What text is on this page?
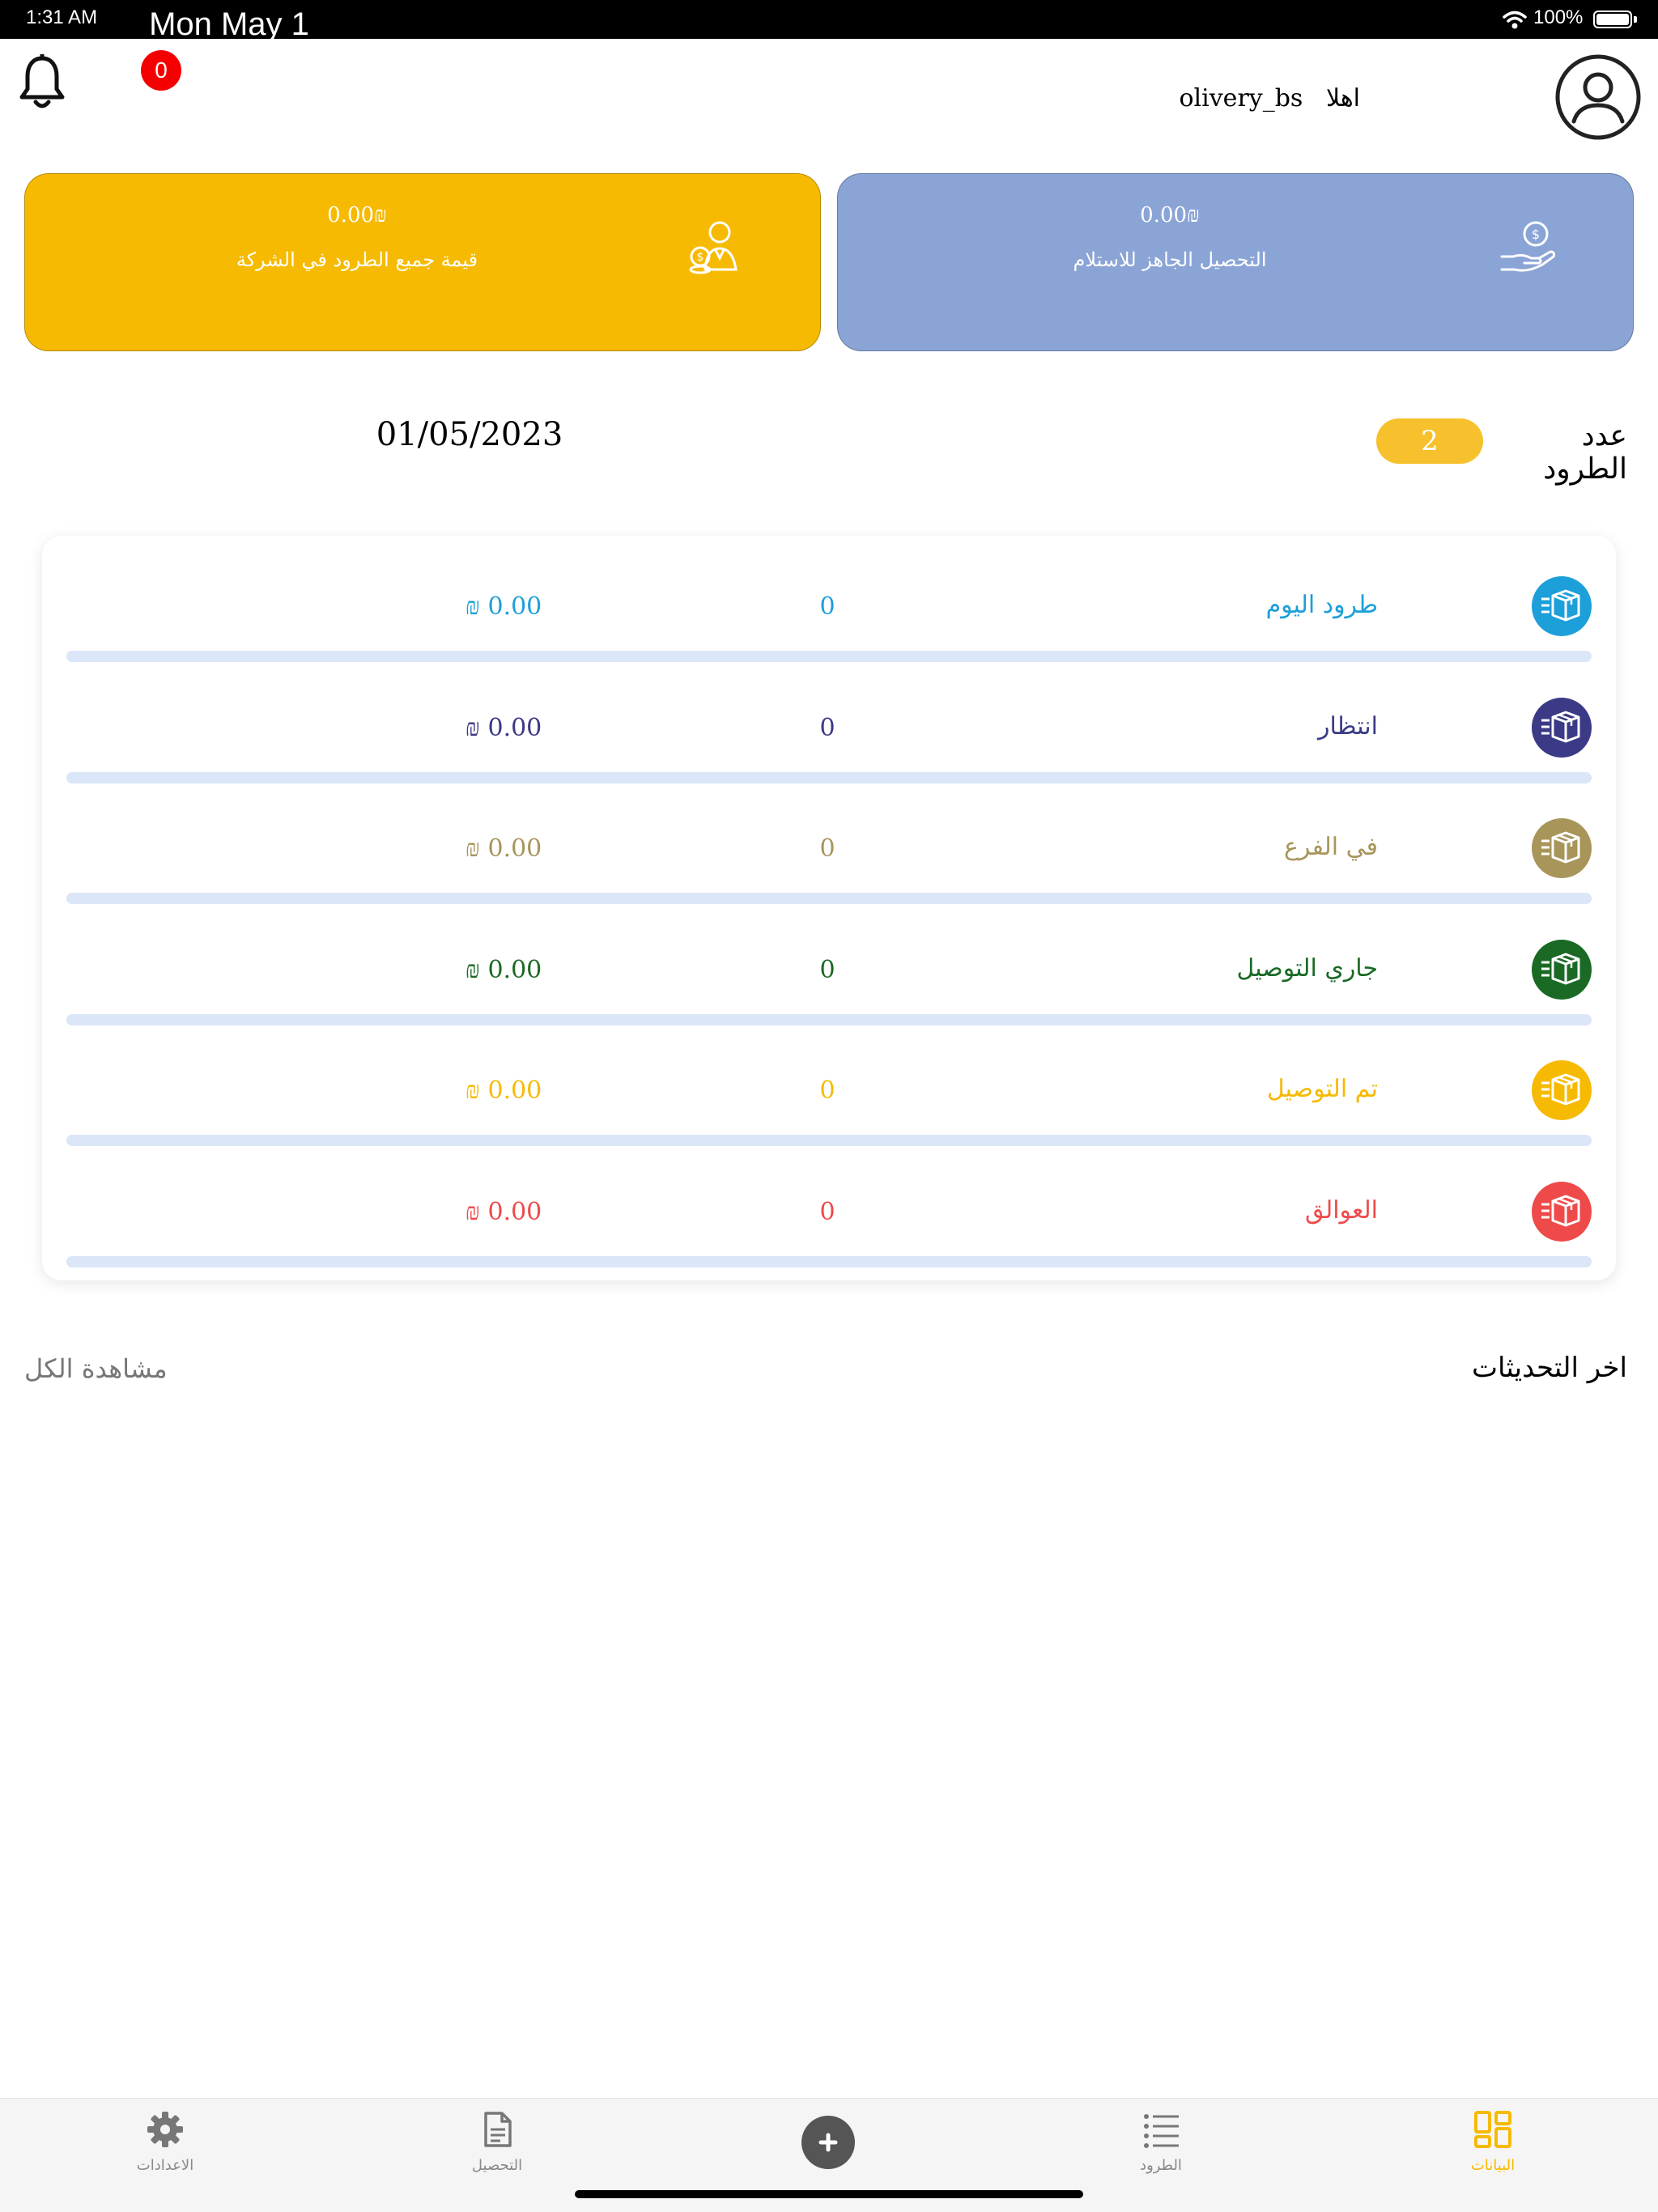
1:31 AM	Mon May 1	100%
0
اهلا   olivery_bs
0.00₪
قيمة جميع الطرود في الشركة	$
0.00₪
التحصيل الجاهز للاستلام
$
01/05/2023	2	عدد الطرود
₪ 0.00	0	طرود اليوم
₪ 0.00	0	انتظار
₪ 0.00	0	في الفرع
₪ 0.00	0	جاري التوصيل
₪ 0.00	0	تم التوصيل
₪ 0.00	0	العوالق
اخر التحديثات
مشاهدة الكل
الاعدادات	التحصيل	الطرود	البيانات
